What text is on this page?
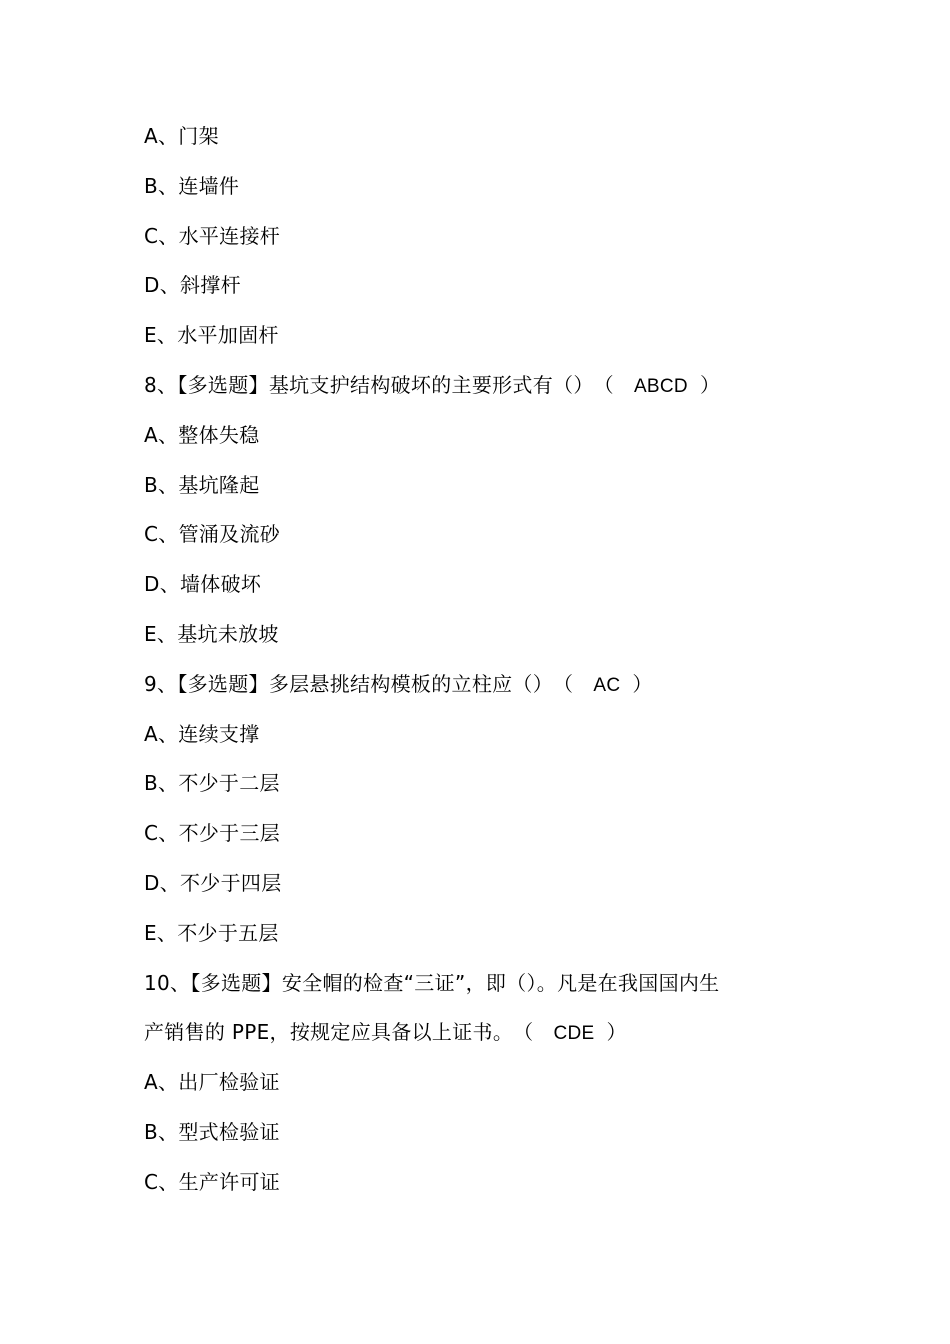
A、门架
B、连墙件
C、水平连接杆
D、斜撑杆
E、水平加固杆
8、【多选题】基坑支护结构破坏的主要形式有（）（ ABCD ）
A、整体失稳
B、基坑隆起
C、管涌及流砂
D、墙体破坏
E、基坑未放坡
9、【多选题】多层悬挑结构模板的立柱应（）（ AC ）
A、连续支撑
B、不少于二层
C、不少于三层
D、不少于四层
E、不少于五层
10、【多选题】安全帽的检查“三证”，即（）。凡是在我国国内生
产销售的 PPE，按规定应具备以上证书。（ CDE ）
A、出厂检验证
B、型式检验证
C、生产许可证
